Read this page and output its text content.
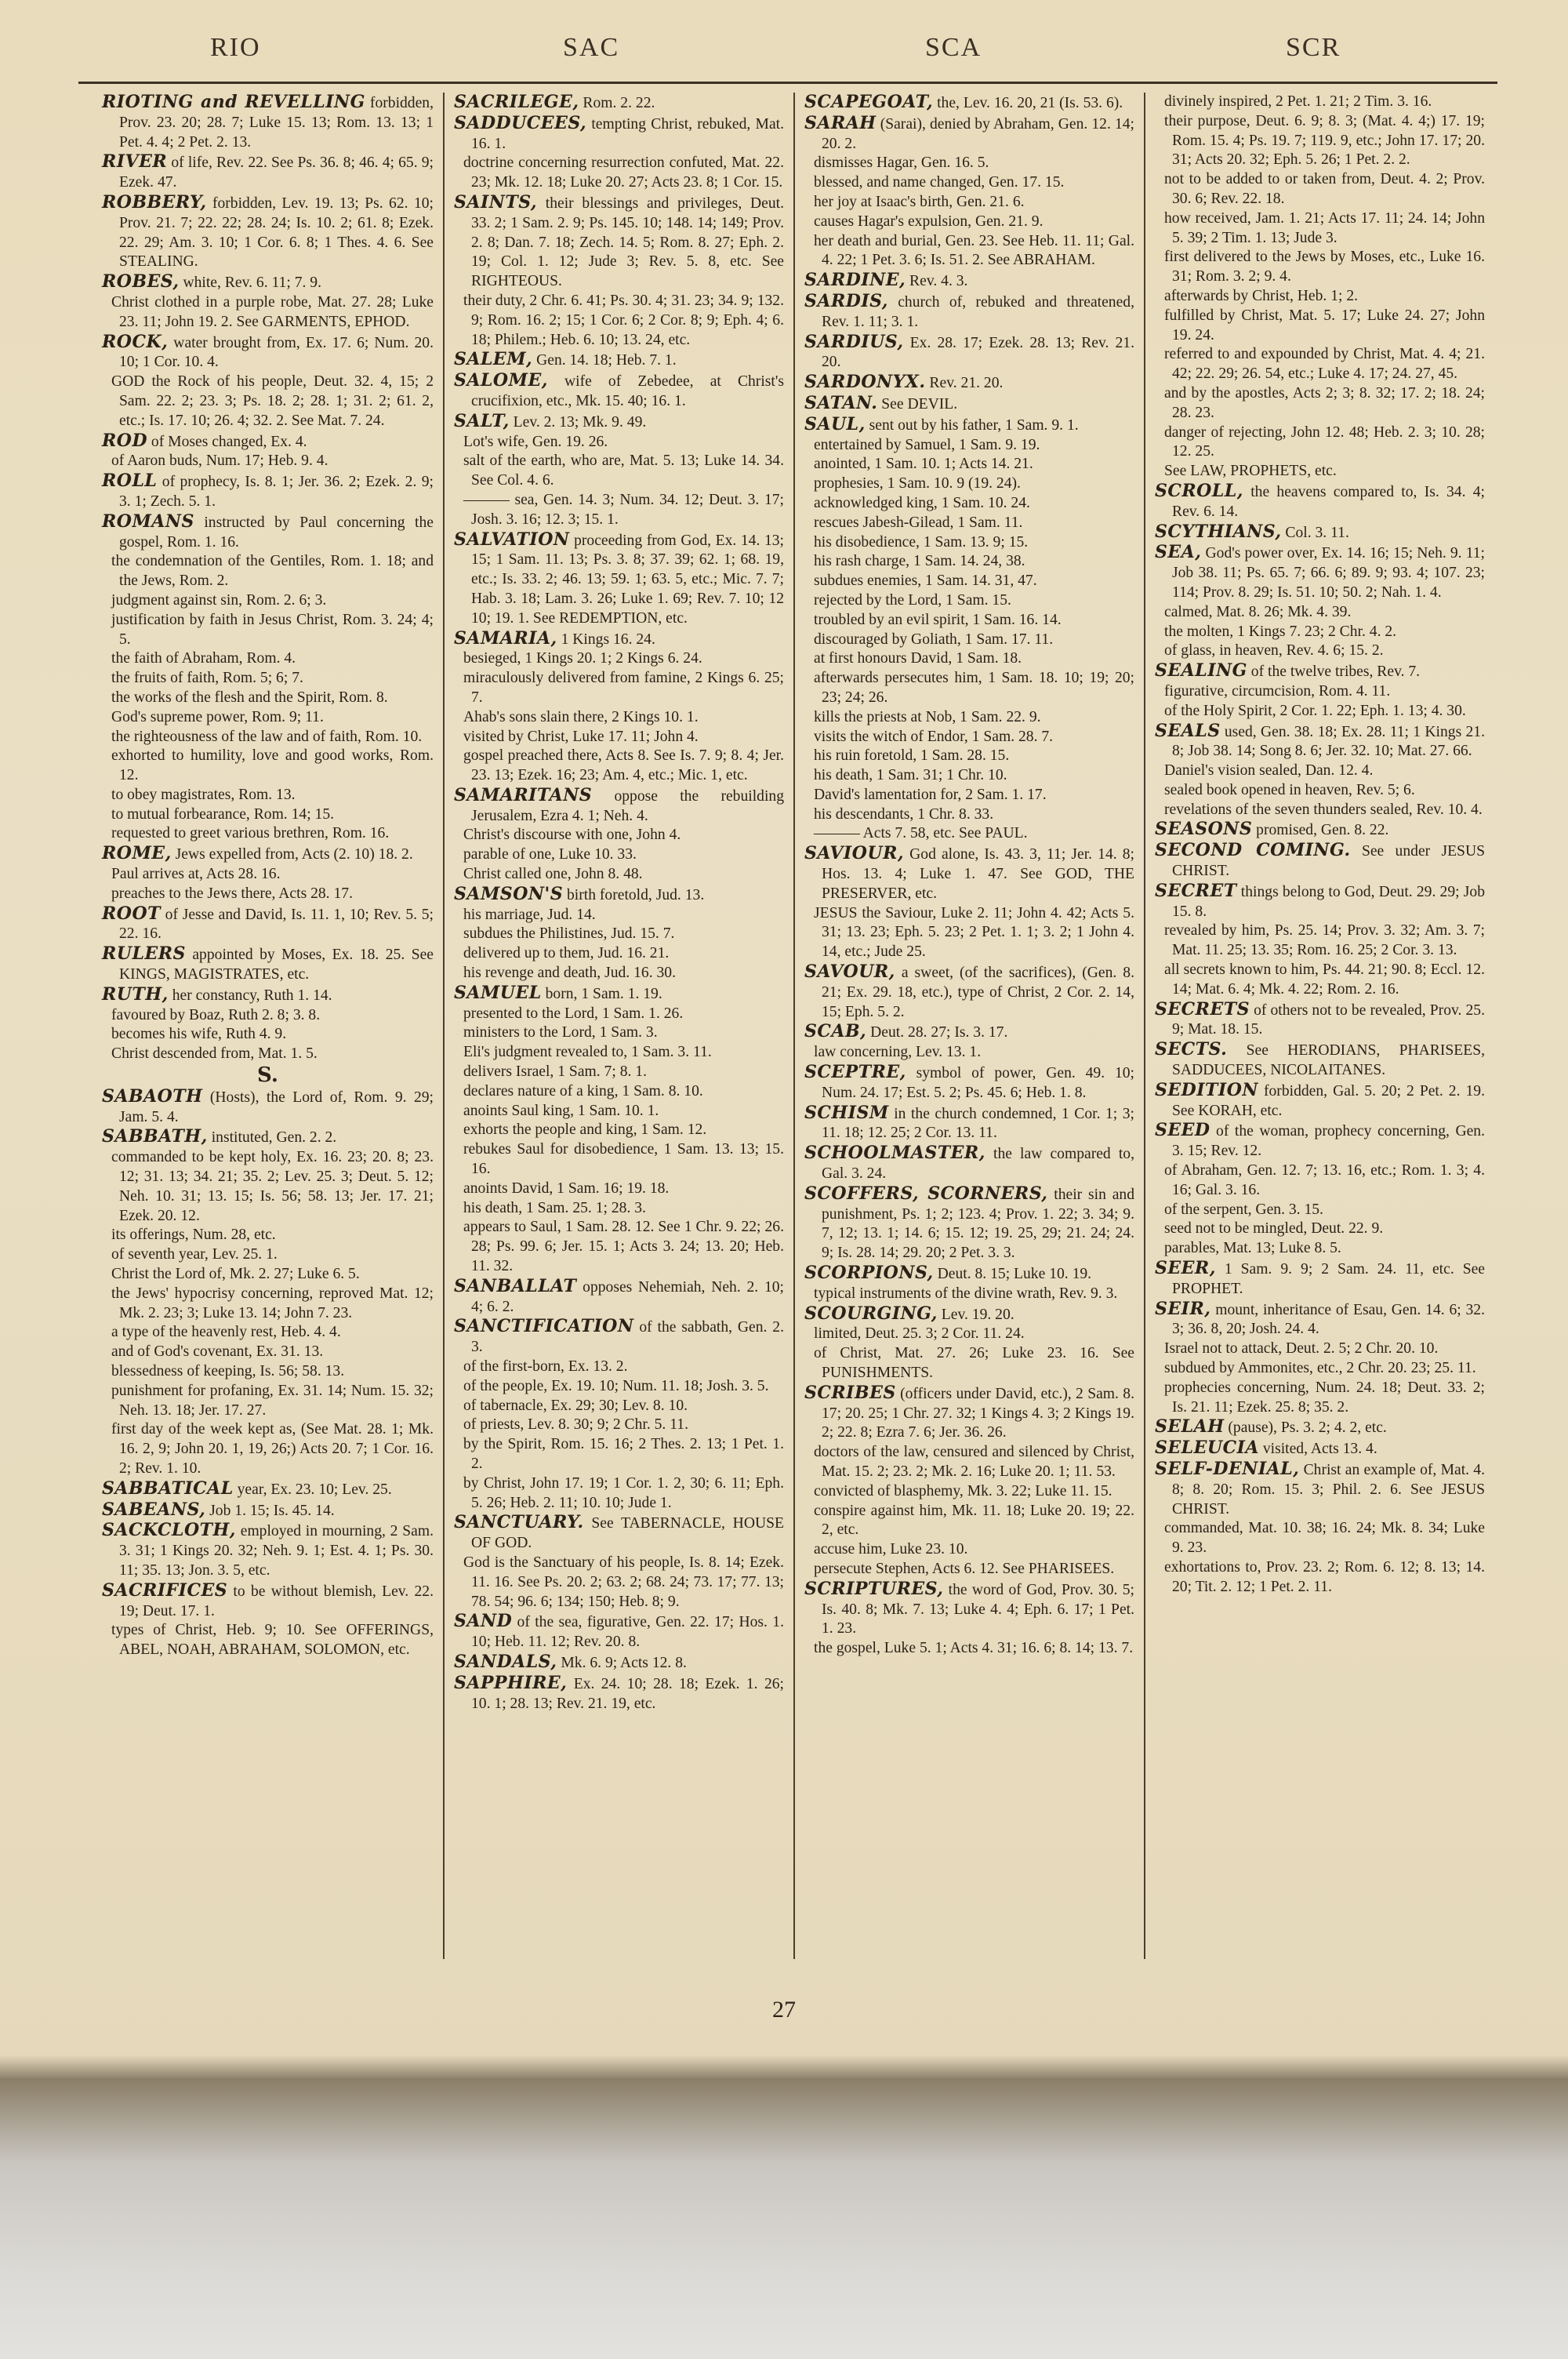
RIO	SAC	SCA	SCR

RIOTING and REVELLING forbidden, Prov. 23. 20; 28. 7; Luke 15. 13; Rom. 13. 13; 1 Pet. 4. 4; 2 Pet. 2. 13.

RIVER of life, Rev. 22. See Ps. 36. 8; 46. 4; 65. 9; Ezek. 47.

ROBBERY, forbidden, Lev. 19. 13; Ps. 62. 10; Prov. 21. 7; 22. 22; 28. 24; Is. 10. 2; 61. 8; Ezek. 22. 29; Am. 3. 10; 1 Cor. 6. 8; 1 Thes. 4. 6. See STEALING.

ROBES, white, Rev. 6. 11; 7. 9.

Christ clothed in a purple robe, Mat. 27. 28; Luke 23. 11; John 19. 2. See GARMENTS, EPHOD.

ROCK, water brought from, Ex. 17. 6; Num. 20. 10; 1 Cor. 10. 4.

GOD the Rock of his people, Deut. 32. 4, 15; 2 Sam. 22. 2; 23. 3; Ps. 18. 2; 28. 1; 31. 2; 61. 2, etc.; Is. 17. 10; 26. 4; 32. 2. See Mat. 7. 24.

ROD of Moses changed, Ex. 4.

of Aaron buds, Num. 17; Heb. 9. 4.

ROLL of prophecy, Is. 8. 1; Jer. 36. 2; Ezek. 2. 9; 3. 1; Zech. 5. 1.

ROMANS instructed by Paul concerning the gospel, Rom. 1. 16.

the condemnation of the Gentiles, Rom. 1. 18; and the Jews, Rom. 2.

judgment against sin, Rom. 2. 6; 3.

justification by faith in Jesus Christ, Rom. 3. 24; 4; 5.

the faith of Abraham, Rom. 4.

the fruits of faith, Rom. 5; 6; 7.

the works of the flesh and the Spirit, Rom. 8.

God's supreme power, Rom. 9; 11.

the righteousness of the law and of faith, Rom. 10.

exhorted to humility, love and good works, Rom. 12.

to obey magistrates, Rom. 13.

to mutual forbearance, Rom. 14; 15.

requested to greet various brethren, Rom. 16.

ROME, Jews expelled from, Acts (2. 10) 18. 2.

Paul arrives at, Acts 28. 16.

preaches to the Jews there, Acts 28. 17.

ROOT of Jesse and David, Is. 11. 1, 10; Rev. 5. 5; 22. 16.

RULERS appointed by Moses, Ex. 18. 25. See KINGS, MAGISTRATES, etc.

RUTH, her constancy, Ruth 1. 14.

favoured by Boaz, Ruth 2. 8; 3. 8.

becomes his wife, Ruth 4. 9.

Christ descended from, Mat. 1. 5.

S.

SABAOTH (Hosts), the Lord of, Rom. 9. 29; Jam. 5. 4.

SABBATH, instituted, Gen. 2. 2.

commanded to be kept holy, Ex. 16. 23; 20. 8; 23. 12; 31. 13; 34. 21; 35. 2; Lev. 25. 3; Deut. 5. 12; Neh. 10. 31; 13. 15; Is. 56; 58. 13; Jer. 17. 21; Ezek. 20. 12.

its offerings, Num. 28, etc.

of seventh year, Lev. 25. 1.

Christ the Lord of, Mk. 2. 27; Luke 6. 5.

the Jews' hypocrisy concerning, reproved Mat. 12; Mk. 2. 23; 3; Luke 13. 14; John 7. 23.

a type of the heavenly rest, Heb. 4. 4.

and of God's covenant, Ex. 31. 13.

blessedness of keeping, Is. 56; 58. 13.

punishment for profaning, Ex. 31. 14; Num. 15. 32; Neh. 13. 18; Jer. 17. 27.

first day of the week kept as, (See Mat. 28. 1; Mk. 16. 2, 9; John 20. 1, 19, 26;) Acts 20. 7; 1 Cor. 16. 2; Rev. 1. 10.

SABBATICAL year, Ex. 23. 10; Lev. 25.

SABEANS, Job 1. 15; Is. 45. 14.

SACKCLOTH, employed in mourning, 2 Sam. 3. 31; 1 Kings 20. 32; Neh. 9. 1; Est. 4. 1; Ps. 30. 11; 35. 13; Jon. 3. 5, etc.

SACRIFICES to be without blemish, Lev. 22. 19; Deut. 17. 1.

types of Christ, Heb. 9; 10. See OFFERINGS, ABEL, NOAH, ABRAHAM, SOLOMON, etc.

SACRILEGE, Rom. 2. 22.

SADDUCEES, tempting Christ, rebuked, Mat. 16. 1.

doctrine concerning resurrection confuted, Mat. 22. 23; Mk. 12. 18; Luke 20. 27; Acts 23. 8; 1 Cor. 15.

SAINTS, their blessings and privileges, Deut. 33. 2; 1 Sam. 2. 9; Ps. 145. 10; 148. 14; 149; Prov. 2. 8; Dan. 7. 18; Zech. 14. 5; Rom. 8. 27; Eph. 2. 19; Col. 1. 12; Jude 3; Rev. 5. 8, etc. See RIGHTEOUS.

their duty, 2 Chr. 6. 41; Ps. 30. 4; 31. 23; 34. 9; 132. 9; Rom. 16. 2; 15; 1 Cor. 6; 2 Cor. 8; 9; Eph. 4; 6. 18; Philem.; Heb. 6. 10; 13. 24, etc.

SALEM, Gen. 14. 18; Heb. 7. 1.

SALOME, wife of Zebedee, at Christ's crucifixion, etc., Mk. 15. 40; 16. 1.

SALT, Lev. 2. 13; Mk. 9. 49.

Lot's wife, Gen. 19. 26.

salt of the earth, who are, Mat. 5. 13; Luke 14. 34. See Col. 4. 6.

——— sea, Gen. 14. 3; Num. 34. 12; Deut. 3. 17; Josh. 3. 16; 12. 3; 15. 1.

SALVATION proceeding from God, Ex. 14. 13; 15; 1 Sam. 11. 13; Ps. 3. 8; 37. 39; 62. 1; 68. 19, etc.; Is. 33. 2; 46. 13; 59. 1; 63. 5, etc.; Mic. 7. 7; Hab. 3. 18; Lam. 3. 26; Luke 1. 69; Rev. 7. 10; 12 10; 19. 1. See REDEMPTION, etc.

SAMARIA, 1 Kings 16. 24.

besieged, 1 Kings 20. 1; 2 Kings 6. 24.

miraculously delivered from famine, 2 Kings 6. 25; 7.

Ahab's sons slain there, 2 Kings 10. 1.

visited by Christ, Luke 17. 11; John 4.

gospel preached there, Acts 8. See Is. 7. 9; 8. 4; Jer. 23. 13; Ezek. 16; 23; Am. 4, etc.; Mic. 1, etc.

SAMARITANS oppose the rebuilding Jerusalem, Ezra 4. 1; Neh. 4.

Christ's discourse with one, John 4.

parable of one, Luke 10. 33.

Christ called one, John 8. 48.

SAMSON'S birth foretold, Jud. 13.

his marriage, Jud. 14.

subdues the Philistines, Jud. 15. 7.

delivered up to them, Jud. 16. 21.

his revenge and death, Jud. 16. 30.

SAMUEL born, 1 Sam. 1. 19.

presented to the Lord, 1 Sam. 1. 26.

ministers to the Lord, 1 Sam. 3.

Eli's judgment revealed to, 1 Sam. 3. 11.

delivers Israel, 1 Sam. 7; 8. 1.

declares nature of a king, 1 Sam. 8. 10.

anoints Saul king, 1 Sam. 10. 1.

exhorts the people and king, 1 Sam. 12.

rebukes Saul for disobedience, 1 Sam. 13. 13; 15. 16.

anoints David, 1 Sam. 16; 19. 18.

his death, 1 Sam. 25. 1; 28. 3.

appears to Saul, 1 Sam. 28. 12. See 1 Chr. 9. 22; 26. 28; Ps. 99. 6; Jer. 15. 1; Acts 3. 24; 13. 20; Heb. 11. 32.

SANBALLAT opposes Nehemiah, Neh. 2. 10; 4; 6. 2.

SANCTIFICATION of the sabbath, Gen. 2. 3.

of the first-born, Ex. 13. 2.

of the people, Ex. 19. 10; Num. 11. 18; Josh. 3. 5.

of tabernacle, Ex. 29; 30; Lev. 8. 10.

of priests, Lev. 8. 30; 9; 2 Chr. 5. 11.

by the Spirit, Rom. 15. 16; 2 Thes. 2. 13; 1 Pet. 1. 2.

by Christ, John 17. 19; 1 Cor. 1. 2, 30; 6. 11; Eph. 5. 26; Heb. 2. 11; 10. 10; Jude 1.

SANCTUARY. See TABERNACLE, HOUSE OF GOD.

God is the Sanctuary of his people, Is. 8. 14; Ezek. 11. 16. See Ps. 20. 2; 63. 2; 68. 24; 73. 17; 77. 13; 78. 54; 96. 6; 134; 150; Heb. 8; 9.

SAND of the sea, figurative, Gen. 22. 17; Hos. 1. 10; Heb. 11. 12; Rev. 20. 8.

SANDALS, Mk. 6. 9; Acts 12. 8.

SAPPHIRE, Ex. 24. 10; 28. 18; Ezek. 1. 26; 10. 1; 28. 13; Rev. 21. 19, etc.

SCAPEGOAT, the, Lev. 16. 20, 21 (Is. 53. 6).

SARAH (Sarai), denied by Abraham, Gen. 12. 14; 20. 2.

dismisses Hagar, Gen. 16. 5.

blessed, and name changed, Gen. 17. 15.

her joy at Isaac's birth, Gen. 21. 6.

causes Hagar's expulsion, Gen. 21. 9.

her death and burial, Gen. 23. See Heb. 11. 11; Gal. 4. 22; 1 Pet. 3. 6; Is. 51. 2. See ABRAHAM.

SARDINE, Rev. 4. 3.

SARDIS, church of, rebuked and threatened, Rev. 1. 11; 3. 1.

SARDIUS, Ex. 28. 17; Ezek. 28. 13; Rev. 21. 20.

SARDONYX. Rev. 21. 20.

SATAN. See DEVIL.

SAUL, sent out by his father, 1 Sam. 9. 1.

entertained by Samuel, 1 Sam. 9. 19.

anointed, 1 Sam. 10. 1; Acts 14. 21.

prophesies, 1 Sam. 10. 9 (19. 24).

acknowledged king, 1 Sam. 10. 24.

rescues Jabesh-Gilead, 1 Sam. 11.

his disobedience, 1 Sam. 13. 9; 15.

his rash charge, 1 Sam. 14. 24, 38.

subdues enemies, 1 Sam. 14. 31, 47.

rejected by the Lord, 1 Sam. 15.

troubled by an evil spirit, 1 Sam. 16. 14.

discouraged by Goliath, 1 Sam. 17. 11.

at first honours David, 1 Sam. 18.

afterwards persecutes him, 1 Sam. 18. 10; 19; 20; 23; 24; 26.

kills the priests at Nob, 1 Sam. 22. 9.

visits the witch of Endor, 1 Sam. 28. 7.

his ruin foretold, 1 Sam. 28. 15.

his death, 1 Sam. 31; 1 Chr. 10.

David's lamentation for, 2 Sam. 1. 17.

his descendants, 1 Chr. 8. 33.

——— Acts 7. 58, etc. See PAUL.

SAVIOUR, God alone, Is. 43. 3, 11; Jer. 14. 8; Hos. 13. 4; Luke 1. 47. See GOD, THE PRESERVER, etc.

JESUS the Saviour, Luke 2. 11; John 4. 42; Acts 5. 31; 13. 23; Eph. 5. 23; 2 Pet. 1. 1; 3. 2; 1 John 4. 14, etc.; Jude 25.

SAVOUR, a sweet, (of the sacrifices), (Gen. 8. 21; Ex. 29. 18, etc.), type of Christ, 2 Cor. 2. 14, 15; Eph. 5. 2.

SCAB, Deut. 28. 27; Is. 3. 17.

law concerning, Lev. 13. 1.

SCEPTRE, symbol of power, Gen. 49. 10; Num. 24. 17; Est. 5. 2; Ps. 45. 6; Heb. 1. 8.

SCHISM in the church condemned, 1 Cor. 1; 3; 11. 18; 12. 25; 2 Cor. 13. 11.

SCHOOLMASTER, the law compared to, Gal. 3. 24.

SCOFFERS, SCORNERS, their sin and punishment, Ps. 1; 2; 123. 4; Prov. 1. 22; 3. 34; 9. 7, 12; 13. 1; 14. 6; 15. 12; 19. 25, 29; 21. 24; 24. 9; Is. 28. 14; 29. 20; 2 Pet. 3. 3.

SCORPIONS, Deut. 8. 15; Luke 10. 19.

typical instruments of the divine wrath, Rev. 9. 3.

SCOURGING, Lev. 19. 20.

limited, Deut. 25. 3; 2 Cor. 11. 24.

of Christ, Mat. 27. 26; Luke 23. 16. See PUNISHMENTS.

SCRIBES (officers under David, etc.), 2 Sam. 8. 17; 20. 25; 1 Chr. 27. 32; 1 Kings 4. 3; 2 Kings 19. 2; 22. 8; Ezra 7. 6; Jer. 36. 26.

doctors of the law, censured and silenced by Christ, Mat. 15. 2; 23. 2; Mk. 2. 16; Luke 20. 1; 11. 53.

convicted of blasphemy, Mk. 3. 22; Luke 11. 15.

conspire against him, Mk. 11. 18; Luke 20. 19; 22. 2, etc.

accuse him, Luke 23. 10.

persecute Stephen, Acts 6. 12. See PHARISEES.

SCRIPTURES, the word of God, Prov. 30. 5; Is. 40. 8; Mk. 7. 13; Luke 4. 4; Eph. 6. 17; 1 Pet. 1. 23.

the gospel, Luke 5. 1; Acts 4. 31; 16. 6; 8. 14; 13. 7.

divinely inspired, 2 Pet. 1. 21; 2 Tim. 3. 16.

their purpose, Deut. 6. 9; 8. 3; (Mat. 4. 4;) 17. 19; Rom. 15. 4; Ps. 19. 7; 119. 9, etc.; John 17. 17; 20. 31; Acts 20. 32; Eph. 5. 26; 1 Pet. 2. 2.

not to be added to or taken from, Deut. 4. 2; Prov. 30. 6; Rev. 22. 18.

how received, Jam. 1. 21; Acts 17. 11; 24. 14; John 5. 39; 2 Tim. 1. 13; Jude 3.

first delivered to the Jews by Moses, etc., Luke 16. 31; Rom. 3. 2; 9. 4.

afterwards by Christ, Heb. 1; 2.

fulfilled by Christ, Mat. 5. 17; Luke 24. 27; John 19. 24.

referred to and expounded by Christ, Mat. 4. 4; 21. 42; 22. 29; 26. 54, etc.; Luke 4. 17; 24. 27, 45.

and by the apostles, Acts 2; 3; 8. 32; 17. 2; 18. 24; 28. 23.

danger of rejecting, John 12. 48; Heb. 2. 3; 10. 28; 12. 25.

See LAW, PROPHETS, etc.

SCROLL, the heavens compared to, Is. 34. 4; Rev. 6. 14.

SCYTHIANS, Col. 3. 11.

SEA, God's power over, Ex. 14. 16; 15; Neh. 9. 11; Job 38. 11; Ps. 65. 7; 66. 6; 89. 9; 93. 4; 107. 23; 114; Prov. 8. 29; Is. 51. 10; 50. 2; Nah. 1. 4.

calmed, Mat. 8. 26; Mk. 4. 39.

the molten, 1 Kings 7. 23; 2 Chr. 4. 2.

of glass, in heaven, Rev. 4. 6; 15. 2.

SEALING of the twelve tribes, Rev. 7.

figurative, circumcision, Rom. 4. 11.

of the Holy Spirit, 2 Cor. 1. 22; Eph. 1. 13; 4. 30.

SEALS used, Gen. 38. 18; Ex. 28. 11; 1 Kings 21. 8; Job 38. 14; Song 8. 6; Jer. 32. 10; Mat. 27. 66.

Daniel's vision sealed, Dan. 12. 4.

sealed book opened in heaven, Rev. 5; 6.

revelations of the seven thunders sealed, Rev. 10. 4.

SEASONS promised, Gen. 8. 22.

SECOND COMING. See under JESUS CHRIST.

SECRET things belong to God, Deut. 29. 29; Job 15. 8.

revealed by him, Ps. 25. 14; Prov. 3. 32; Am. 3. 7; Mat. 11. 25; 13. 35; Rom. 16. 25; 2 Cor. 3. 13.

all secrets known to him, Ps. 44. 21; 90. 8; Eccl. 12. 14; Mat. 6. 4; Mk. 4. 22; Rom. 2. 16.

SECRETS of others not to be revealed, Prov. 25. 9; Mat. 18. 15.

SECTS. See HERODIANS, PHARISEES, SADDUCEES, NICOLAITANES.

SEDITION forbidden, Gal. 5. 20; 2 Pet. 2. 19. See KORAH, etc.

SEED of the woman, prophecy concerning, Gen. 3. 15; Rev. 12.

of Abraham, Gen. 12. 7; 13. 16, etc.; Rom. 1. 3; 4. 16; Gal. 3. 16.

of the serpent, Gen. 3. 15.

seed not to be mingled, Deut. 22. 9.

parables, Mat. 13; Luke 8. 5.

SEER, 1 Sam. 9. 9; 2 Sam. 24. 11, etc. See PROPHET.

SEIR, mount, inheritance of Esau, Gen. 14. 6; 32. 3; 36. 8, 20; Josh. 24. 4.

Israel not to attack, Deut. 2. 5; 2 Chr. 20. 10.

subdued by Ammonites, etc., 2 Chr. 20. 23; 25. 11.

prophecies concerning, Num. 24. 18; Deut. 33. 2; Is. 21. 11; Ezek. 25. 8; 35. 2.

SELAH (pause), Ps. 3. 2; 4. 2, etc.

SELEUCIA visited, Acts 13. 4.

SELF-DENIAL, Christ an example of, Mat. 4. 8; 8. 20; Rom. 15. 3; Phil. 2. 6. See JESUS CHRIST.

commanded, Mat. 10. 38; 16. 24; Mk. 8. 34; Luke 9. 23.

exhortations to, Prov. 23. 2; Rom. 6. 12; 8. 13; 14. 20; Tit. 2. 12; 1 Pet. 2. 11.

27
